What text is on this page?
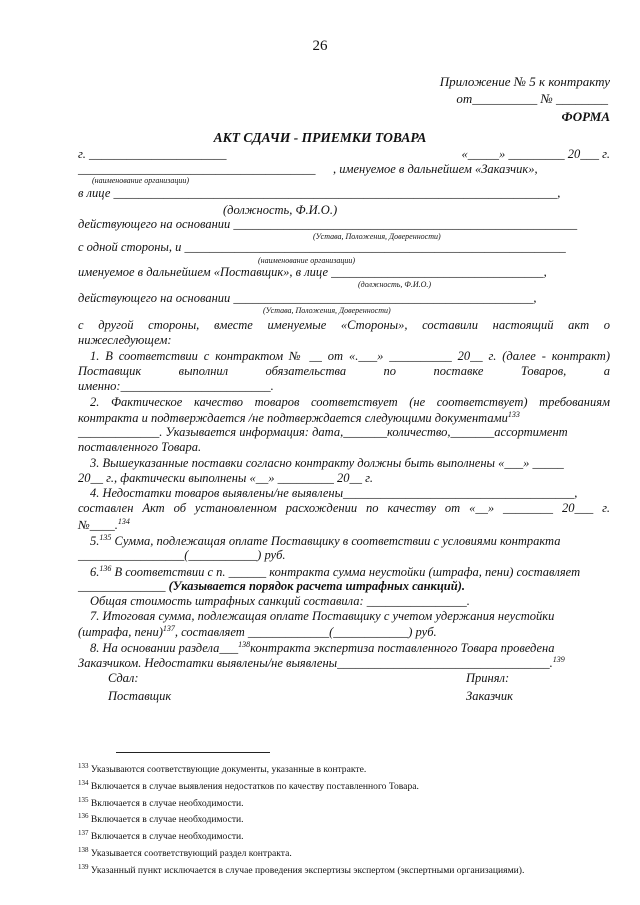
26
Приложение № 5 к контракту
от__________ № ________
ФОРМА
АКТ СДАЧИ - ПРИЕМКИ ТОВАРА
г. ______________________	«_____» _________ 20___ г.
______________________________________ , именуемое в дальнейшем «Заказчик»,
(наименование организации)
в лице _______________________________________________________________________,
(должность, Ф.И.О.)
действующего на основании _______________________________________________________
(Устава, Положения, Доверенности)
с одной стороны, и _____________________________________________________________
(наименование организации)
именуемое в дальнейшем «Поставщик», в лице __________________________________,
(должность, Ф.И.О.)
действующего на основании ________________________________________________,
(Устава, Положения, Доверенности)
с другой стороны, вместе именуемые «Стороны», составили настоящий акт о
нижеследующем:
1. В соответствии с контрактом № __ от «.___» __________ 20__ г. (далее - контракт)
Поставщик выполнил обязательства по поставке Товаров, а
именно:________________________.
2. Фактическое качество товаров соответствует (не соответствует) требованиям
контракта и подтверждается /не подтверждается следующими документами$^{133}$
_____________. Указывается информация: дата,_______количество,_______ассортимент
поставленного Товара.
3. Вышеуказанные поставки согласно контракту должны быть выполнены «___» _____
20__ г., фактически выполнены «__» _________ 20__ г.
4. Недостатки товаров выявлены/не выявлены_____________________________________,
составлен Акт об установленном расхождении по качеству от «__» ________ 20___ г.
№____.$^{134}$
5.$^{135}$ Сумма, подлежащая оплате Поставщику в соответствии с условиями контракта
_________________(___________) руб.
6.$^{136}$ В соответствии с п. ______ контракта сумма неустойки (штрафа, пени) составляет
______________ (Указывается порядок расчета штрафных санкций).
Общая стоимость штрафных санкций составила: ________________.
7. Итоговая сумма, подлежащая оплате Поставщику с учетом удержания неустойки
(штрафа, пени)$^{137}$, составляет _____________(____________) руб.
8. На основании раздела___$^{138}$контракта экспертиза поставленного Товара проведена
Заказчиком. Недостатки выявлены/не выявлены__________________________________.$^{139}$
Сдал:
Поставщик
Принял:
Заказчик
$^{133}$ Указываются соответствующие документы, указанные в контракте.
$^{134}$ Включается в случае выявления недостатков по качеству поставленного Товара.
$^{135}$ Включается в случае необходимости.
$^{136}$ Включается в случае необходимости.
$^{137}$ Включается в случае необходимости.
$^{138}$ Указывается соответствующий раздел контракта.
$^{139}$ Указанный пункт исключается в случае проведения экспертизы экспертом (экспертными организациями).
